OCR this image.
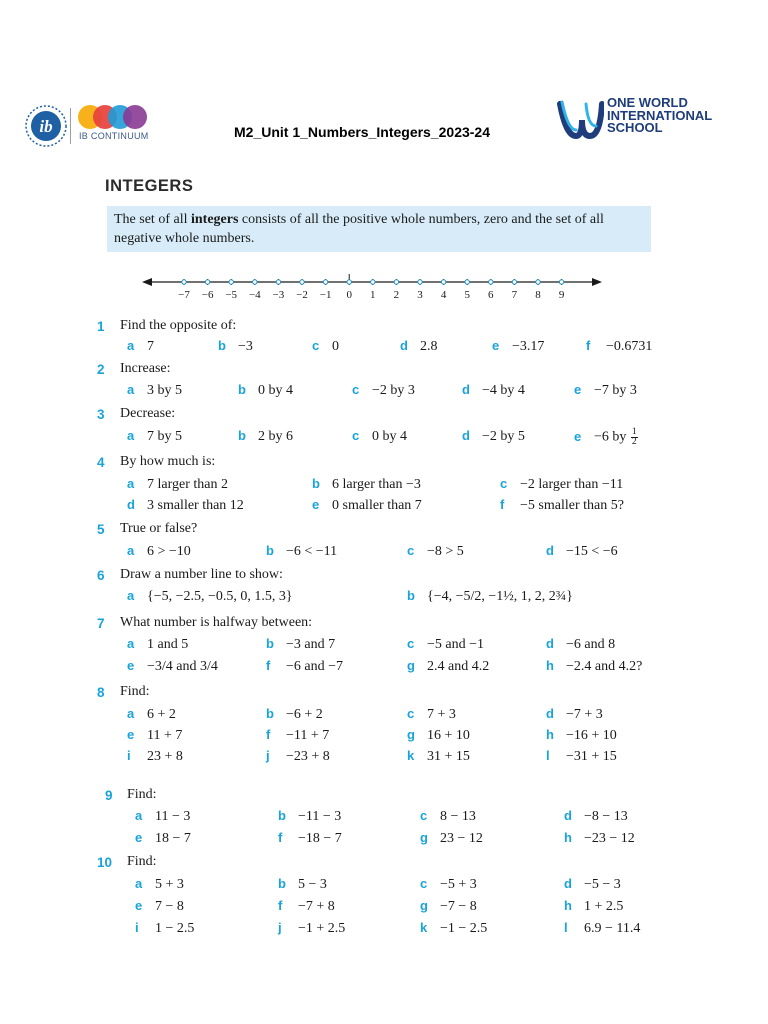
ib	IB CONTINUUM	M2_Unit 1_Numbers_Integers_2023-24
ONE WORLD
INTERNATIONAL
SCHOOL
INTEGERS
The set of all integers consists of all the positive whole numbers, zero and the set of all negative whole numbers.
−7 −6 −5 −4 −3 −2 −1 0 1 2 3 4 5 6 7 8 9
1 Find the opposite of:
a 7	b −3	c 0	d 2.8	e −3.17	f −0.6731
2 Increase:
a 3 by 5	b 0 by 4	c −2 by 3	d −4 by 4	e −7 by 3
3 Decrease:
a 7 by 5	b 2 by 6	c 0 by 4	d −2 by 5	e −6 by $\frac{1}{2}$
4 By how much is:
a 7 larger than 2	b 6 larger than −3	c −2 larger than −11
d 3 smaller than 12	e 0 smaller than 7	f −5 smaller than 5?
5 True or false?
a 6 > −10	b −6 < −11	c −8 > 5	d −15 < −6
6 Draw a number line to show:
a {−5, −2.5, −0.5, 0, 1.5, 3}	b {−4, −5/2, −1½, 1, 2, 2¾}
7 What number is halfway between:
a 1 and 5	b −3 and 7	c −5 and −1	d −6 and 8
e −3/4 and 3/4	f −6 and −7	g 2.4 and 4.2	h −2.4 and 4.2?
8 Find:
a 6 + 2	b −6 + 2	c 7 + 3	d −7 + 3
e 11 + 7	f −11 + 7	g 16 + 10	h −16 + 10
i 23 + 8	j −23 + 8	k 31 + 15	l −31 + 15
9 Find:
a 11 − 3	b −11 − 3	c 8 − 13	d −8 − 13
e 18 − 7	f −18 − 7	g 23 − 12	h −23 − 12
10 Find:
a 5 + 3	b 5 − 3	c −5 + 3	d −5 − 3
e 7 − 8	f −7 + 8	g −7 − 8	h 1 + 2.5
i 1 − 2.5	j −1 + 2.5	k −1 − 2.5	l 6.9 − 11.4
